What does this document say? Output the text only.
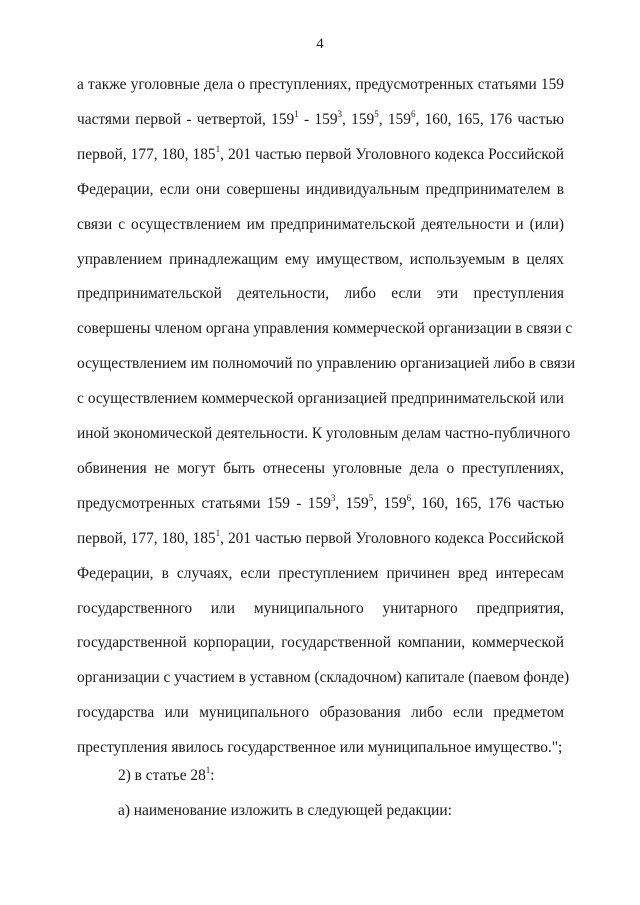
4
а также уголовные дела о преступлениях, предусмотренных статьями 159
частями первой - четвертой, $159^1 - 159^3$, $159^5$, $159^6$, 160, 165, 176 частью
первой, 177, 180, $185^1$, 201 частью первой Уголовного кодекса Российской
Федерации, если они совершены индивидуальным предпринимателем в
связи с осуществлением им предпринимательской деятельности и (или)
управлением принадлежащим ему имуществом, используемым в целях
предпринимательской деятельности, либо если эти преступления
совершены членом органа управления коммерческой организации в связи с
осуществлением им полномочий по управлению организацией либо в связи
с осуществлением коммерческой организацией предпринимательской или
иной экономической деятельности. К уголовным делам частно-публичного
обвинения не могут быть отнесены уголовные дела о преступлениях,
предусмотренных статьями $159 - 159^3$, $159^5$, $159^6$, 160, 165, 176 частью
первой, 177, 180, $185^1$, 201 частью первой Уголовного кодекса Российской
Федерации, в случаях, если преступлением причинен вред интересам
государственного или муниципального унитарного предприятия,
государственной корпорации, государственной компании, коммерческой
организации с участием в уставном (складочном) капитале (паевом фонде)
государства или муниципального образования либо если предметом
преступления явилось государственное или муниципальное имущество.";
2) в статье $28^1$:
а) наименование изложить в следующей редакции:
